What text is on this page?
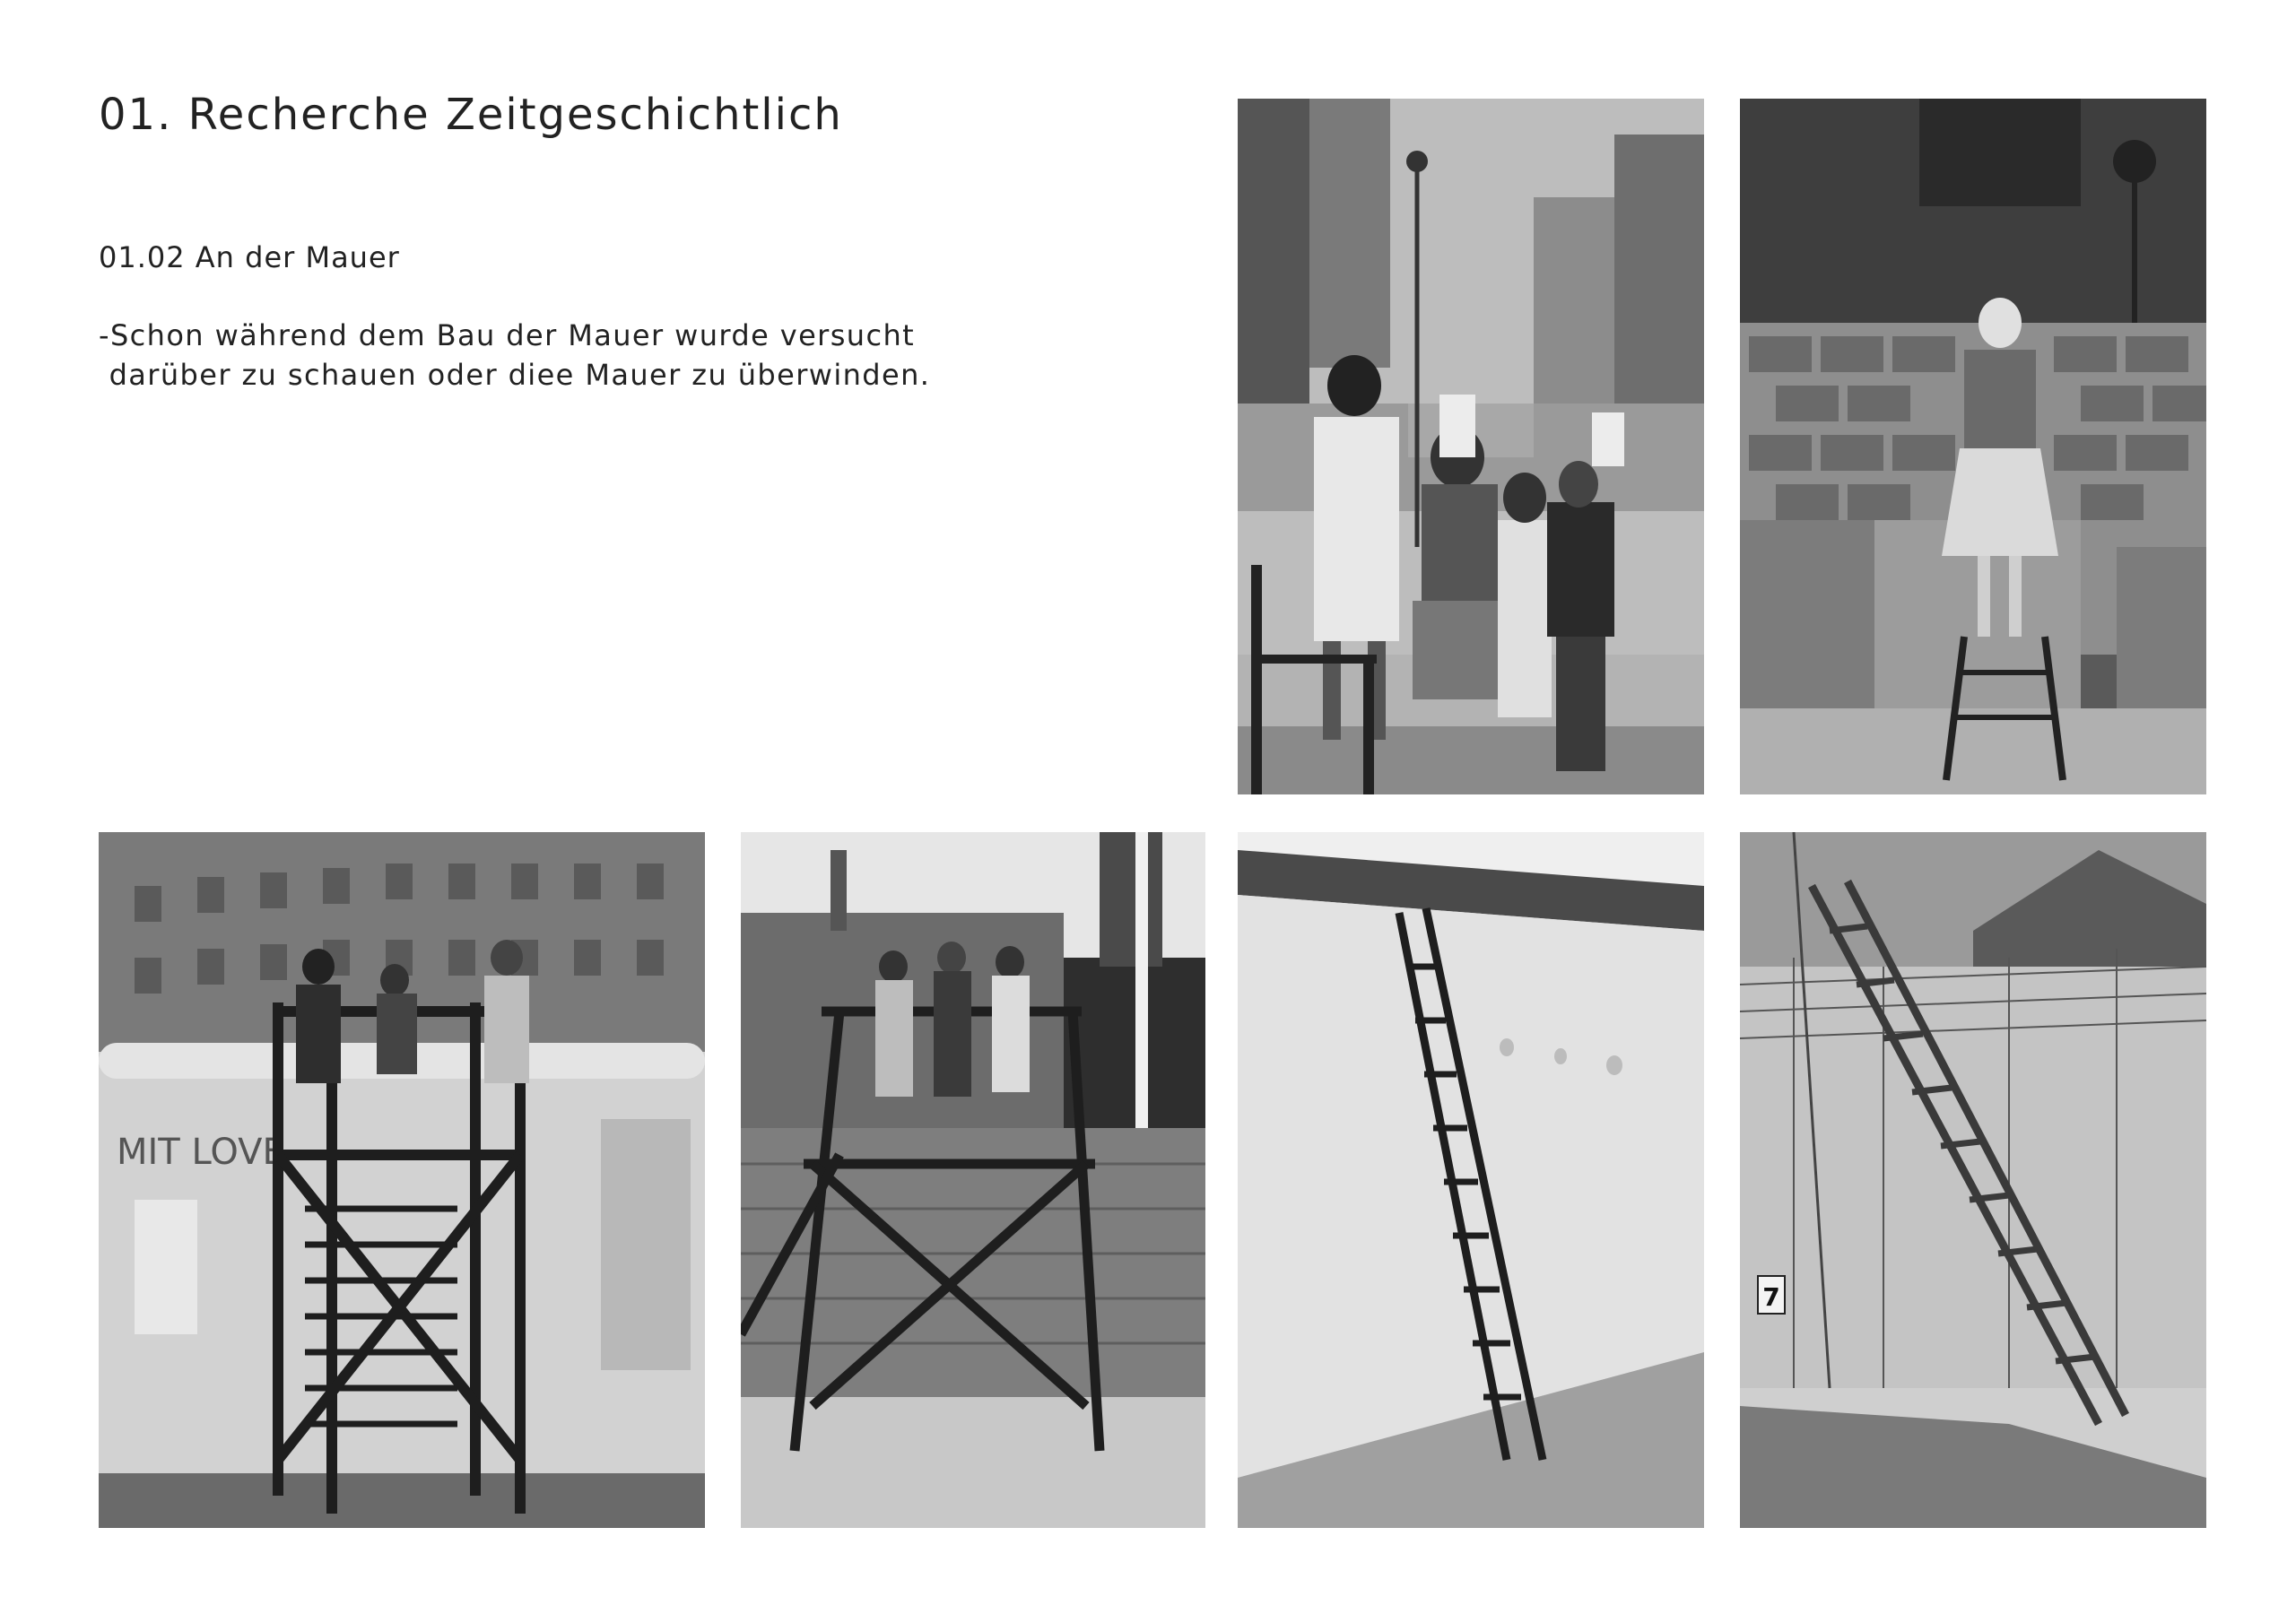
01. Recherche Zeitgeschichtlich
01.02 An der Mauer

-Schon während dem Bau der Mauer wurde versucht
darüber zu schauen oder diee Mauer zu überwinden.

MIT LOVE
7
